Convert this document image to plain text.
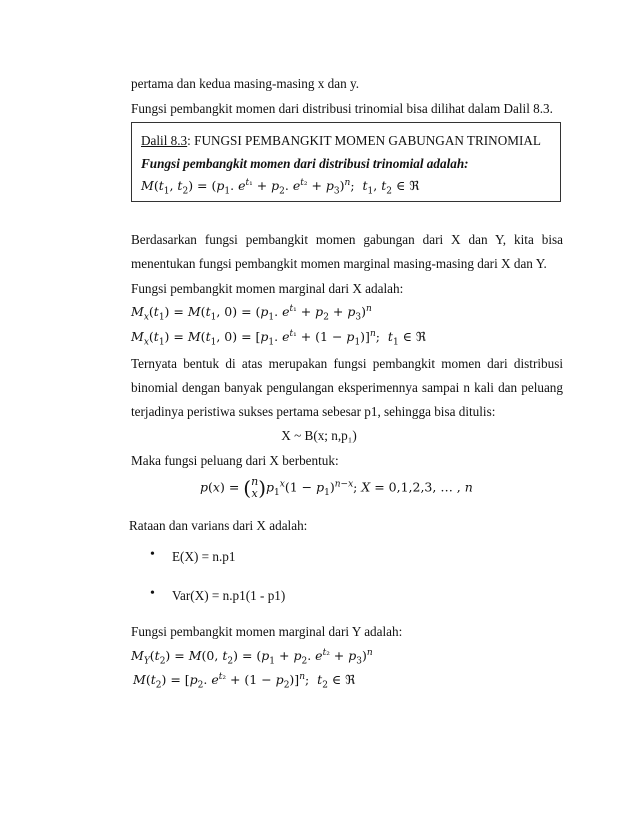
pertama dan kedua masing-masing x dan y.
Fungsi pembangkit momen dari distribusi trinomial bisa dilihat dalam Dalil 8.3.
Dalil 8.3: FUNGSI PEMBANGKIT MOMEN GABUNGAN TRINOMIAL
Fungsi pembangkit momen dari distribusi trinomial adalah:
$M(t_1$, $t_2) = (p_1$. $e^{t_1} + p_2$. $e^{t_2} + p_3)^n$;  $t_1$, $t_2$ ∈ ℜ
Berdasarkan fungsi pembangkit momen gabungan dari X dan Y, kita bisa
menentukan fungsi pembangkit momen marginal masing-masing dari X dan Y.
Fungsi pembangkit momen marginal dari X adalah:
$M_x(t_1) = M(t_1$, $0) = (p_1$. $e^{t_1} + p_2 + p_3)^n$
$M_x(t_1) = M(t_1$, $0) = [p_1$. $e^{t_1} + (1 - p_1)]^n$;  $t_1$ ∈ ℜ
Ternyata bentuk di atas merupakan fungsi pembangkit momen dari distribusi
binomial dengan banyak pengulangan eksperimennya sampai n kali dan peluang
terjadinya peristiwa sukses pertama sebesar p1, sehingga bisa ditulis:
X ~ B(x; n,p₁)
Maka fungsi peluang dari X berbentuk:
p(x) = (n
$x)p_1^x(1 - p_1)^{n-x}$; X = 0,1,2,3, … , n
Rataan dan varians dari X adalah:
• E(X) = n.p1
• Var(X) = n.p1(1 - p1)
Fungsi pembangkit momen marginal dari Y adalah:
$M_Y(t_2) = M(0$, $t_2) = (p_1 + p_2$. $e^{t_2} + p_3)^n$
$M(t_2) = [p_2$. $e^{t_2} + (1 - p_2)]^n$;  $t_2$ ∈ ℜ
